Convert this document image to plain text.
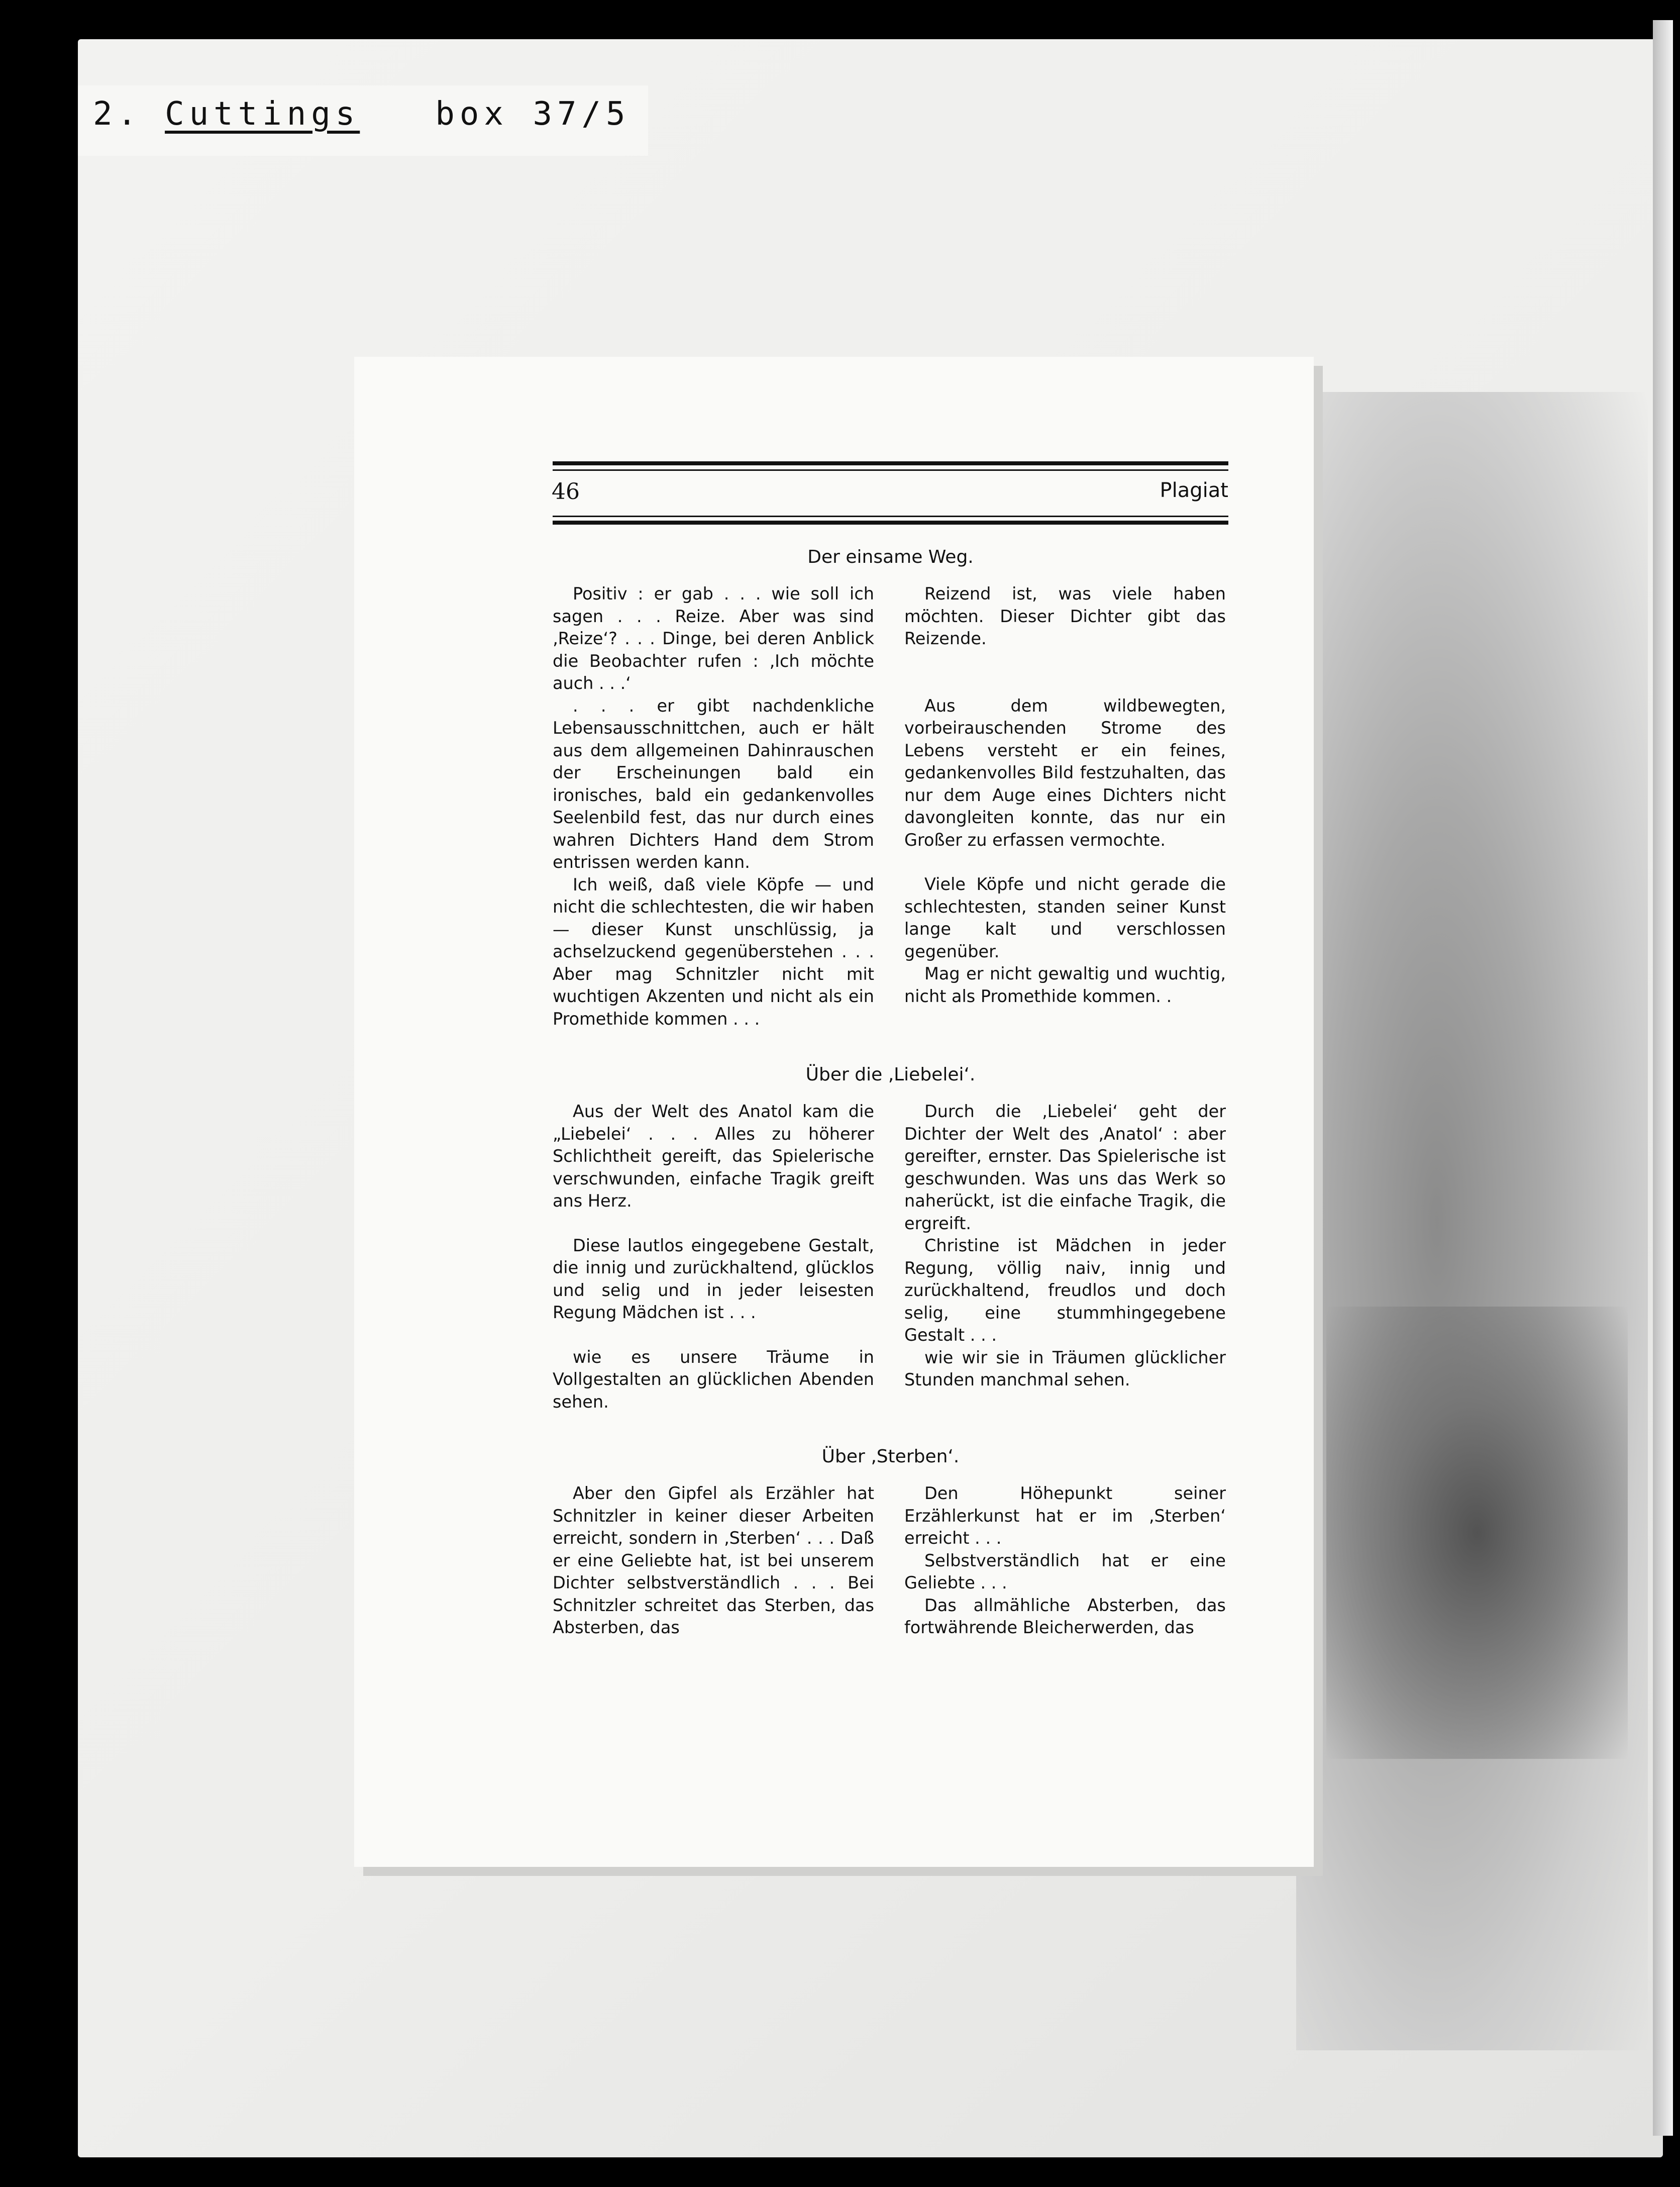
2. Cuttings box 37/5
46	Plagiat
Der einsame Weg.

Positiv : er gab . . . wie soll ich sagen . . . Reize. Aber was sind ‚Reize‘? . . . Dinge, bei deren Anblick die Beobachter rufen : ‚Ich möchte auch . . .‘

. . . er gibt nachdenkliche Lebensausschnittchen, auch er hält aus dem allgemeinen Dahinrauschen der Erscheinungen bald ein ironisches, bald ein gedankenvolles Seelenbild fest, das nur durch eines wahren Dichters Hand dem Strom entrissen werden kann.

Ich weiß, daß viele Köpfe — und nicht die schlechtesten, die wir haben — dieser Kunst unschlüssig, ja achselzuckend gegenüberstehen . . . Aber mag Schnitzler nicht mit wuchtigen Akzenten und nicht als ein Promethide kommen . . .

Reizend ist, was viele haben möchten. Dieser Dichter gibt das Reizende.

Aus dem wildbewegten, vorbeirauschenden Strome des Lebens versteht er ein feines, gedankenvolles Bild festzuhalten, das nur dem Auge eines Dichters nicht davongleiten konnte, das nur ein Großer zu erfassen vermochte.

Viele Köpfe und nicht gerade die schlechtesten, standen seiner Kunst lange kalt und verschlossen gegenüber.

Mag er nicht gewaltig und wuchtig, nicht als Promethide kommen. .

Über die ‚Liebelei‘.

Aus der Welt des Anatol kam die „Liebelei‘ . . . Alles zu höherer Schlichtheit gereift, das Spielerische verschwunden, einfache Tragik greift ans Herz.

Diese lautlos eingegebene Gestalt, die innig und zurückhaltend, glücklos und selig und in jeder leisesten Regung Mädchen ist . . .

wie es unsere Träume in Vollgestalten an glücklichen Abenden sehen.

Durch die ‚Liebelei‘ geht der Dichter der Welt des ‚Anatol‘ : aber gereifter, ernster. Das Spielerische ist geschwunden. Was uns das Werk so naherückt, ist die einfache Tragik, die ergreift.

Christine ist Mädchen in jeder Regung, völlig naiv, innig und zurückhaltend, freudlos und doch selig, eine stummhingegebene Gestalt . . .

wie wir sie in Träumen glücklicher Stunden manchmal sehen.

Über ‚Sterben‘.

Aber den Gipfel als Erzähler hat Schnitzler in keiner dieser Arbeiten erreicht, sondern in ‚Sterben‘ . . . Daß er eine Geliebte hat, ist bei unserem Dichter selbstverständlich . . . Bei Schnitzler schreitet das Sterben, das Absterben, das

Den Höhepunkt seiner Erzählerkunst hat er im ‚Sterben‘ erreicht . . .

Selbstverständlich hat er eine Geliebte . . .

Das allmähliche Absterben, das fortwährende Bleicherwerden, das
